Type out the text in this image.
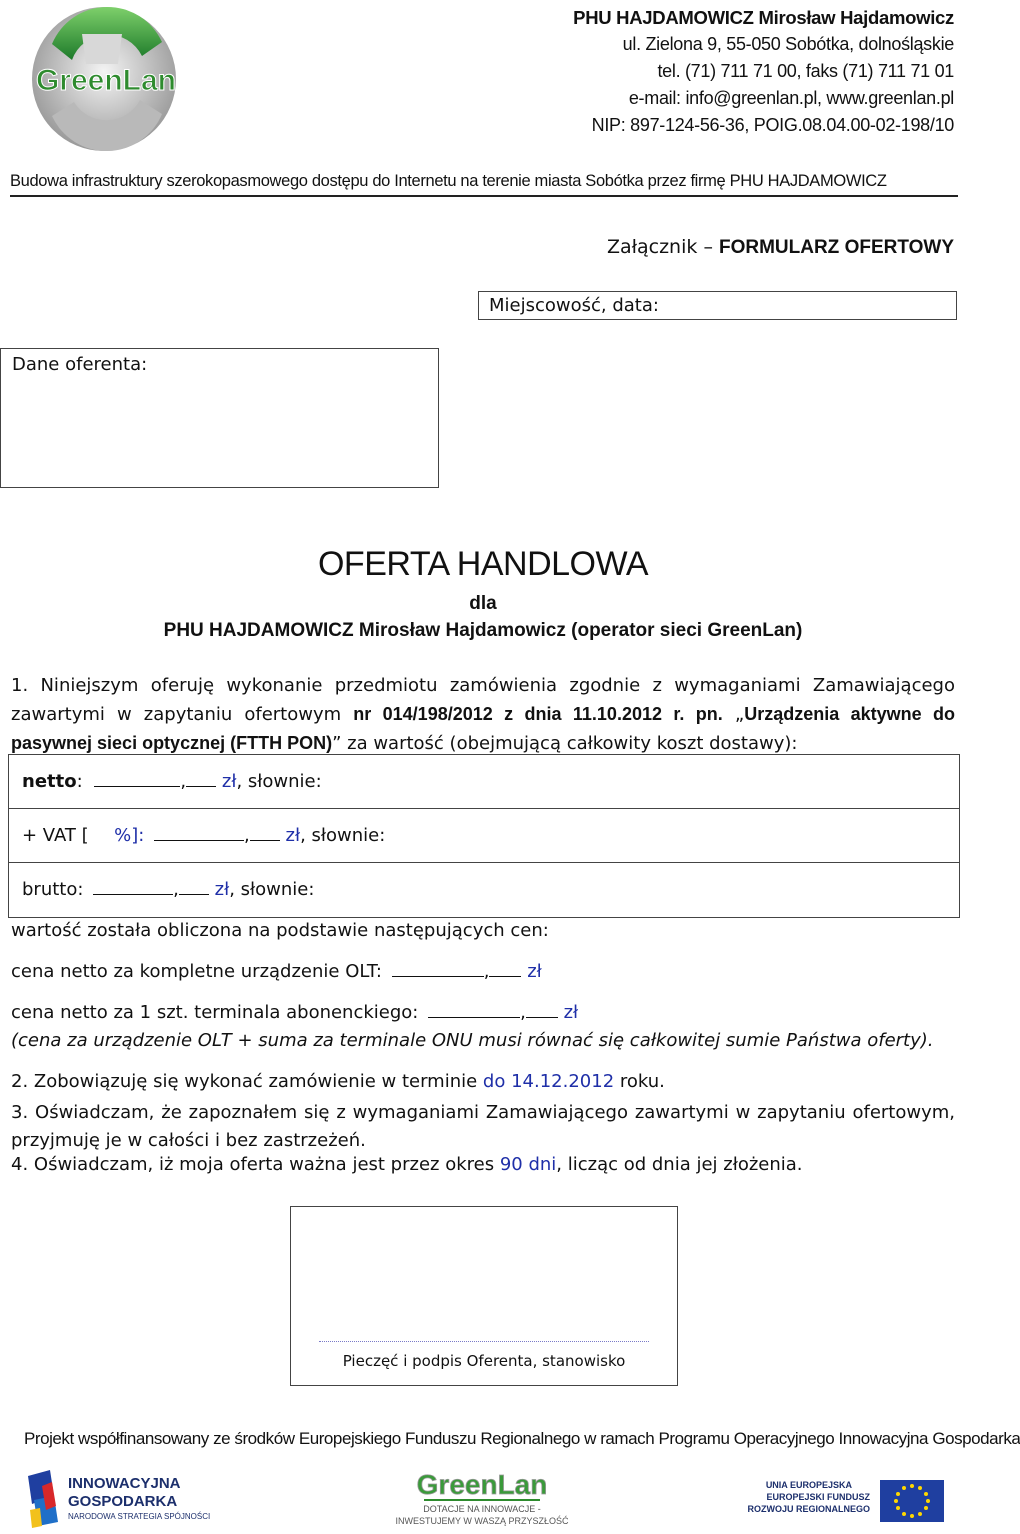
GreenLan
PHU HAJDAMOWICZ Mirosław Hajdamowicz
ul. Zielona 9, 55-050 Sobótka, dolnośląskie
tel. (71) 711 71 00, faks (71) 711 71 01
e-mail: info@greenlan.pl, www.greenlan.pl
NIP: 897-124-56-36, POIG.08.04.00-02-198/10
Budowa infrastruktury szerokopasmowego dostępu do Internetu na terenie miasta Sobótka przez firmę PHU HAJDAMOWICZ
Załącznik – FORMULARZ OFERTOWY
Miejscowość, data:
Dane oferenta:
OFERTA HANDLOWA
dla
PHU HAJDAMOWICZ Mirosław Hajdamowicz (operator sieci GreenLan)
1. Niniejszym oferuję wykonanie przedmiotu zamówienia zgodnie z wymaganiami Zamawiającego zawartymi w zapytaniu ofertowym nr 014/198/2012 z dnia 11.10.2012 r. pn. „Urządzenia aktywne do pasywnej sieci optycznej (FTTH PON)” za wartość (obejmującą całkowity koszt dostawy):
netto:	, zł, słownie:
+ VAT [ %]:	, zł, słownie:
brutto:	, zł, słownie:
wartość została obliczona na podstawie następujących cen:
cena netto za kompletne urządzenie OLT:	, zł
cena netto za 1 szt. terminala abonenckiego:	, zł
(cena za urządzenie OLT + suma za terminale ONU musi równać się całkowitej sumie Państwa oferty).
2. Zobowiązuję się wykonać zamówienie w terminie do 14.12.2012 roku.
3. Oświadczam, że zapoznałem się z wymaganiami Zamawiającego zawartymi w zapytaniu ofertowym, przyjmuję je w całości i bez zastrzeżeń.
4. Oświadczam, iż moja oferta ważna jest przez okres 90 dni, licząc od dnia jej złożenia.
Pieczęć i podpis Oferenta, stanowisko
Projekt współfinansowany ze środków Europejskiego Funduszu Regionalnego w ramach Programu Operacyjnego Innowacyjna Gospodarka
INNOWACYJNA
GOSPODARKA
NARODOWA STRATEGIA SPÓJNOŚCI
GreenLan
DOTACJE NA INNOWACJE -
INWESTUJEMY W WASZĄ PRZYSZŁOŚĆ
UNIA EUROPEJSKA
EUROPEJSKI FUNDUSZ
ROZWOJU REGIONALNEGO
